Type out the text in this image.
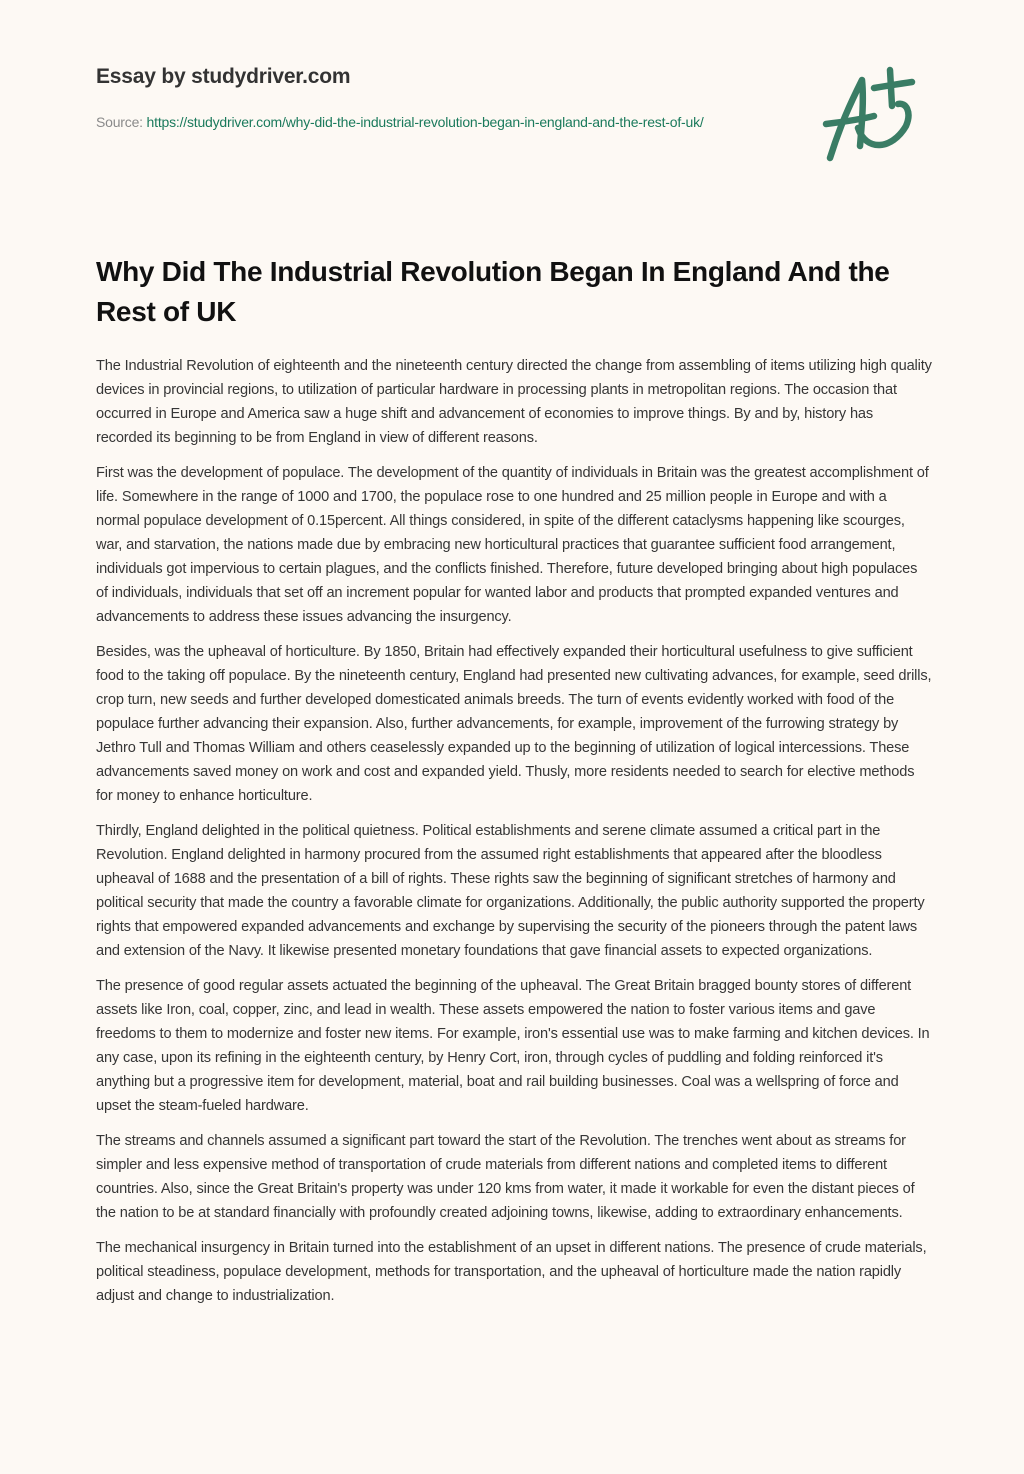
Essay by studydriver.com
Source: https://studydriver.com/why-did-the-industrial-revolution-began-in-england-and-the-rest-of-uk/
Why Did The Industrial Revolution Began In England And the Rest of UK

The Industrial Revolution of eighteenth and the nineteenth century directed the change from assembling of items utilizing high quality devices in provincial regions, to utilization of particular hardware in processing plants in metropolitan regions. The occasion that occurred in Europe and America saw a huge shift and advancement of economies to improve things. By and by, history has recorded its beginning to be from England in view of different reasons.

First was the development of populace. The development of the quantity of individuals in Britain was the greatest accomplishment of life. Somewhere in the range of 1000 and 1700, the populace rose to one hundred and 25 million people in Europe and with a normal populace development of 0.15percent. All things considered, in spite of the different cataclysms happening like scourges, war, and starvation, the nations made due by embracing new horticultural practices that guarantee sufficient food arrangement, individuals got impervious to certain plagues, and the conflicts finished. Therefore, future developed bringing about high populaces of individuals, individuals that set off an increment popular for wanted labor and products that prompted expanded ventures and advancements to address these issues advancing the insurgency.

Besides, was the upheaval of horticulture. By 1850, Britain had effectively expanded their horticultural usefulness to give sufficient food to the taking off populace. By the nineteenth century, England had presented new cultivating advances, for example, seed drills, crop turn, new seeds and further developed domesticated animals breeds. The turn of events evidently worked with food of the populace further advancing their expansion. Also, further advancements, for example, improvement of the furrowing strategy by Jethro Tull and Thomas William and others ceaselessly expanded up to the beginning of utilization of logical intercessions. These advancements saved money on work and cost and expanded yield. Thusly, more residents needed to search for elective methods for money to enhance horticulture.

Thirdly, England delighted in the political quietness. Political establishments and serene climate assumed a critical part in the Revolution. England delighted in harmony procured from the assumed right establishments that appeared after the bloodless upheaval of 1688 and the presentation of a bill of rights. These rights saw the beginning of significant stretches of harmony and political security that made the country a favorable climate for organizations. Additionally, the public authority supported the property rights that empowered expanded advancements and exchange by supervising the security of the pioneers through the patent laws and extension of the Navy. It likewise presented monetary foundations that gave financial assets to expected organizations.

The presence of good regular assets actuated the beginning of the upheaval. The Great Britain bragged bounty stores of different assets like Iron, coal, copper, zinc, and lead in wealth. These assets empowered the nation to foster various items and gave freedoms to them to modernize and foster new items. For example, iron's essential use was to make farming and kitchen devices. In any case, upon its refining in the eighteenth century, by Henry Cort, iron, through cycles of puddling and folding reinforced it's anything but a progressive item for development, material, boat and rail building businesses. Coal was a wellspring of force and upset the steam-fueled hardware.

The streams and channels assumed a significant part toward the start of the Revolution. The trenches went about as streams for simpler and less expensive method of transportation of crude materials from different nations and completed items to different countries. Also, since the Great Britain's property was under 120 kms from water, it made it workable for even the distant pieces of the nation to be at standard financially with profoundly created adjoining towns, likewise, adding to extraordinary enhancements.

The mechanical insurgency in Britain turned into the establishment of an upset in different nations. The presence of crude materials, political steadiness, populace development, methods for transportation, and the upheaval of horticulture made the nation rapidly adjust and change to industrialization.
